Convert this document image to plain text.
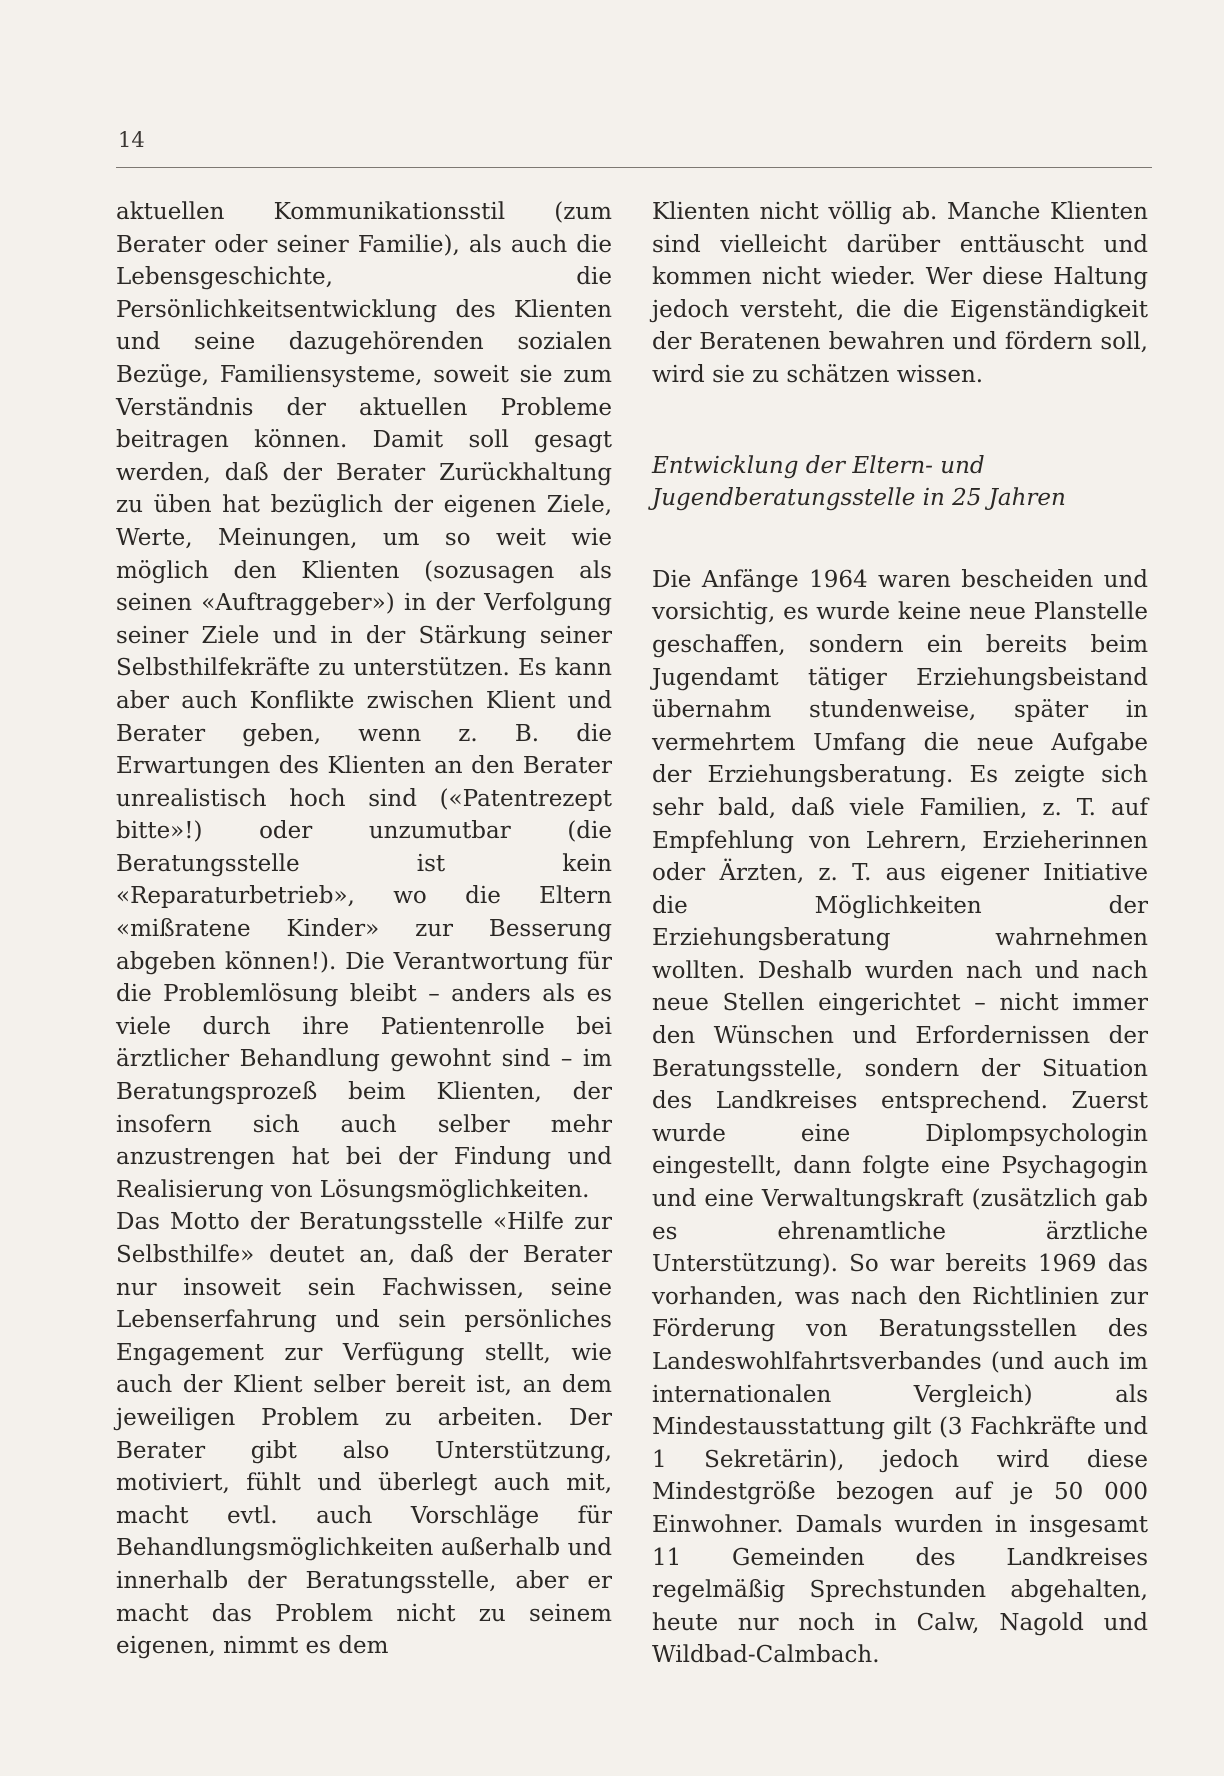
14

aktuellen Kommunikationsstil (zum Berater oder seiner Familie), als auch die Lebensgeschichte, die Persönlichkeitsentwicklung des Klienten und seine dazugehörenden sozialen Bezüge, Familiensysteme, soweit sie zum Verständnis der aktuellen Probleme beitragen können. Damit soll gesagt werden, daß der Berater Zurückhaltung zu üben hat bezüglich der eigenen Ziele, Werte, Meinungen, um so weit wie möglich den Klienten (sozusagen als seinen «Auftraggeber») in der Verfolgung seiner Ziele und in der Stärkung seiner Selbsthilfekräfte zu unterstützen. Es kann aber auch Konflikte zwischen Klient und Berater geben, wenn z. B. die Erwartungen des Klienten an den Berater unrealistisch hoch sind («Patentrezept bitte»!) oder unzumutbar (die Beratungsstelle ist kein «Reparaturbetrieb», wo die Eltern «mißratene Kinder» zur Besserung abgeben können!). Die Verantwortung für die Problemlösung bleibt – anders als es viele durch ihre Patientenrolle bei ärztlicher Behandlung gewohnt sind – im Beratungsprozeß beim Klienten, der insofern sich auch selber mehr anzustrengen hat bei der Findung und Realisierung von Lösungsmöglichkeiten.

Das Motto der Beratungsstelle «Hilfe zur Selbsthilfe» deutet an, daß der Berater nur insoweit sein Fachwissen, seine Lebenserfahrung und sein persönliches Engagement zur Verfügung stellt, wie auch der Klient selber bereit ist, an dem jeweiligen Problem zu arbeiten. Der Berater gibt also Unterstützung, motiviert, fühlt und überlegt auch mit, macht evtl. auch Vorschläge für Behandlungsmöglichkeiten außerhalb und innerhalb der Beratungsstelle, aber er macht das Problem nicht zu seinem eigenen, nimmt es dem

Klienten nicht völlig ab. Manche Klienten sind vielleicht darüber enttäuscht und kommen nicht wieder. Wer diese Haltung jedoch versteht, die die Eigenständigkeit der Beratenen bewahren und fördern soll, wird sie zu schätzen wissen.

Entwicklung der Eltern- und
Jugendberatungsstelle in 25 Jahren

Die Anfänge 1964 waren bescheiden und vorsichtig, es wurde keine neue Planstelle geschaffen, sondern ein bereits beim Jugendamt tätiger Erziehungsbeistand übernahm stundenweise, später in vermehrtem Umfang die neue Aufgabe der Erziehungsberatung. Es zeigte sich sehr bald, daß viele Familien, z. T. auf Empfehlung von Lehrern, Erzieherinnen oder Ärzten, z. T. aus eigener Initiative die Möglichkeiten der Erziehungsberatung wahrnehmen wollten. Deshalb wurden nach und nach neue Stellen eingerichtet – nicht immer den Wünschen und Erfordernissen der Beratungsstelle, sondern der Situation des Landkreises entsprechend. Zuerst wurde eine Diplompsychologin eingestellt, dann folgte eine Psychagogin und eine Verwaltungskraft (zusätzlich gab es ehrenamtliche ärztliche Unterstützung). So war bereits 1969 das vorhanden, was nach den Richtlinien zur Förderung von Beratungsstellen des Landeswohlfahrtsverbandes (und auch im internationalen Vergleich) als Mindestausstattung gilt (3 Fachkräfte und 1 Sekretärin), jedoch wird diese Mindestgröße bezogen auf je 50 000 Einwohner. Damals wurden in insgesamt 11 Gemeinden des Landkreises regelmäßig Sprechstunden abgehalten, heute nur noch in Calw, Nagold und Wildbad-Calmbach.
